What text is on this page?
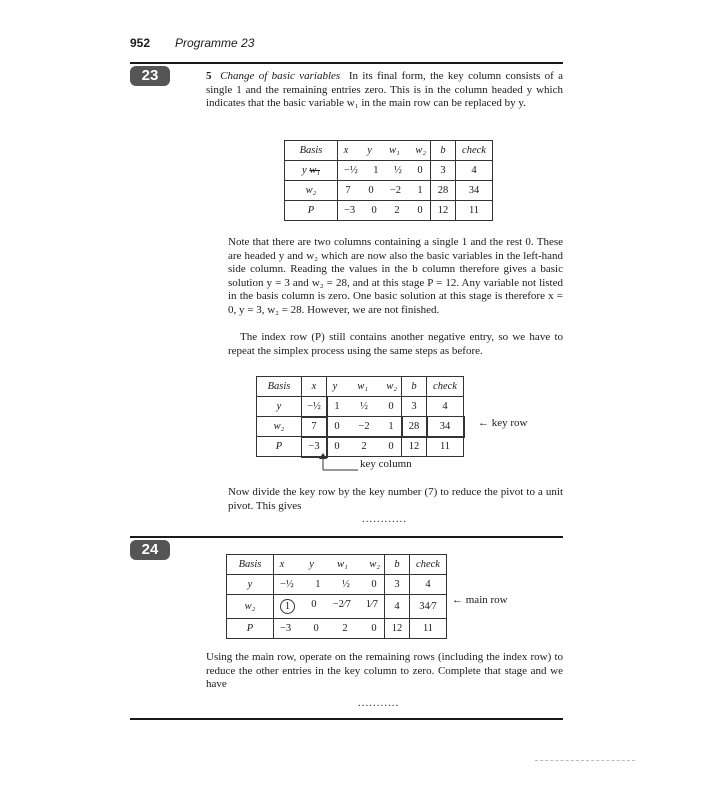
952 Programme 23
23	5 Change of basic variables In its final form, the key column consists of a single 1 and the remaining entries zero. This is in the column headed y which indicates that the basic variable w₁ in the main row can be replaced by y.
Basis	x y w₁ w₂	b	check
y w₁	−½ 1 ½ 0	3	4
w₂	7 0 −2 1	28	34
P	−3 0 2 0	12	11
Note that there are two columns containing a single 1 and the rest 0. These are headed y and w₂ which are now also the basic variables in the left-hand side column. Reading the values in the b column therefore gives a basic solution y = 3 and w₂ = 28, and at this stage P = 12. Any variable not listed in the basis column is zero. One basic solution at this stage is therefore x = 0, y = 3, w₂ = 28. However, we are not finished.
The index row (P) still contains another negative entry, so we have to repeat the simplex process using the same steps as before.
Basis	x	y w₁ w₂	b	check
y	−½	1 ½ 0	3	4
w₂	7	0 −2 1	28	34
P	−3	0 2 0	12	11
← key row
key column
Now divide the key row by the key number (7) to reduce the pivot to a unit pivot. This gives
............
24
Basis	x y w₁ w₂	b	check
y	−½ 1 ½ 0	3	4
w₂	1 0 −2⁄7 1⁄7	4	34⁄7
P	−3 0 2 0	12	11
← main row
Using the main row, operate on the remaining rows (including the index row) to reduce the other entries in the key column to zero. Complete that stage and we have
...........
